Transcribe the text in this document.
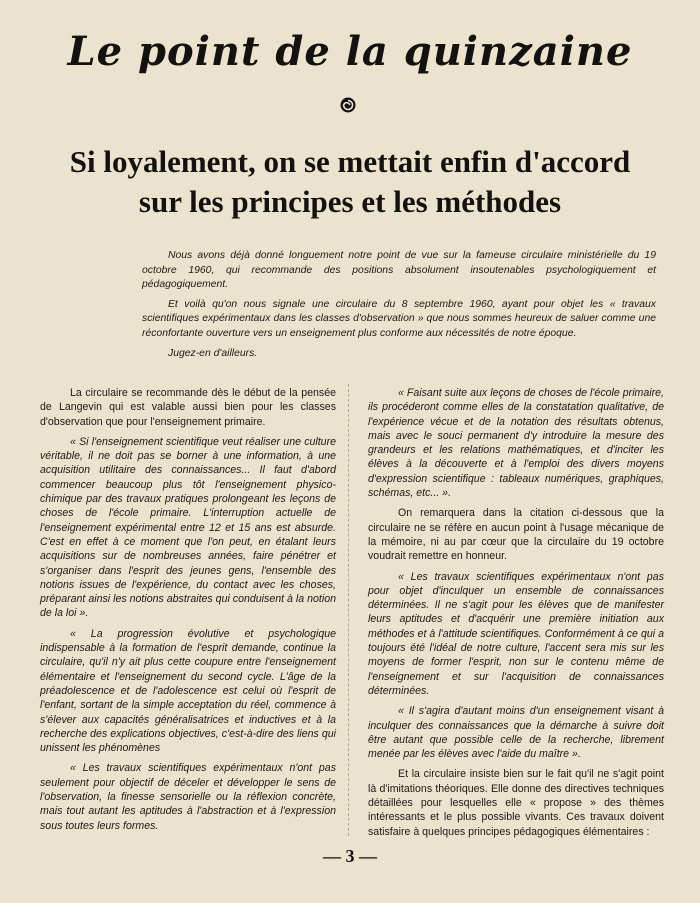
Le point de la quinzaine
Si loyalement, on se mettait enfin d'accord
sur les principes et les méthodes

Nous avons déjà donné longuement notre point de vue sur la fameuse circulaire ministérielle du 19 octobre 1960, qui recommande des positions absolument insoutenables psychologiquement et pédagogiquement.

Et voilà qu'on nous signale une circulaire du 8 septembre 1960, ayant pour objet les « travaux scientifiques expérimentaux dans les classes d'observation » que nous sommes heureux de saluer comme une réconfortante ouverture vers un enseignement plus conforme aux nécessités de notre époque.

Jugez-en d'ailleurs.

La circulaire se recommande dès le début de la pensée de Langevin qui est valable aussi bien pour les classes d'observation que pour l'enseignement primaire.

« Si l'enseignement scientifique veut réaliser une culture véritable, il ne doit pas se borner à une information, à une acquisition utilitaire des connaissances... Il faut d'abord commencer beaucoup plus tôt l'enseignement physico-chimique par des travaux pratiques prolongeant les leçons de choses de l'école primaire. L'interruption actuelle de l'enseignement expérimental entre 12 et 15 ans est absurde. C'est en effet à ce moment que l'on peut, en étalant leurs acquisitions sur de nombreuses années, faire pénétrer et s'organiser dans l'esprit des jeunes gens, l'ensemble des notions issues de l'expérience, du contact avec les choses, préparant ainsi les notions abstraites qui conduisent à la notion de la loi ».

« La progression évolutive et psychologique indispensable à la formation de l'esprit demande, continue la circulaire, qu'il n'y ait plus cette coupure entre l'enseignement élémentaire et l'enseignement du second cycle. L'âge de la préadolescence et de l'adolescence est celui où l'esprit de l'enfant, sortant de la simple acceptation du réel, commence à s'élever aux capacités généralisatrices et inductives et à la recherche des explications objectives, c'est-à-dire des liens qui unissent les phénomènes

« Les travaux scientifiques expérimentaux n'ont pas seulement pour objectif de déceler et développer le sens de l'observation, la finesse sensorielle ou la réflexion concrète, mais tout autant les aptitudes à l'abstraction et à l'expression sous toutes leurs formes.

« Faisant suite aux leçons de choses de l'école primaire, ils procéderont comme elles de la constatation qualitative, de l'expérience vécue et de la notation des résultats obtenus, mais avec le souci permanent d'y introduire la mesure des grandeurs et les relations mathématiques, et d'inciter les élèves à la découverte et à l'emploi des divers moyens d'expression scientifique : tableaux numériques, graphiques, schémas, etc... ».

On remarquera dans la citation ci-dessous que la circulaire ne se réfère en aucun point à l'usage mécanique de la mémoire, ni au par cœur que la circulaire du 19 octobre voudrait remettre en honneur.

« Les travaux scientifiques expérimentaux n'ont pas pour objet d'inculquer un ensemble de connaissances déterminées. Il ne s'agit pour les élèves que de manifester leurs aptitudes et d'acquérir une première initiation aux méthodes et à l'attitude scientifiques. Conformément à ce qui a toujours été l'idéal de notre culture, l'accent sera mis sur les moyens de former l'esprit, non sur le contenu même de l'enseignement et sur l'acquisition de connaissances déterminées.

« Il s'agira d'autant moins d'un enseignement visant à inculquer des connaissances que la démarche à suivre doit être autant que possible celle de la recherche, librement menée par les élèves avec l'aide du maître ».

Et la circulaire insiste bien sur le fait qu'il ne s'agit point là d'imitations théoriques. Elle donne des directives techniques détaillées pour lesquelles elle « propose » des thèmes intéressants et le plus possible vivants. Ces travaux doivent satisfaire à quelques principes pédagogiques élémentaires :

— 3 —
